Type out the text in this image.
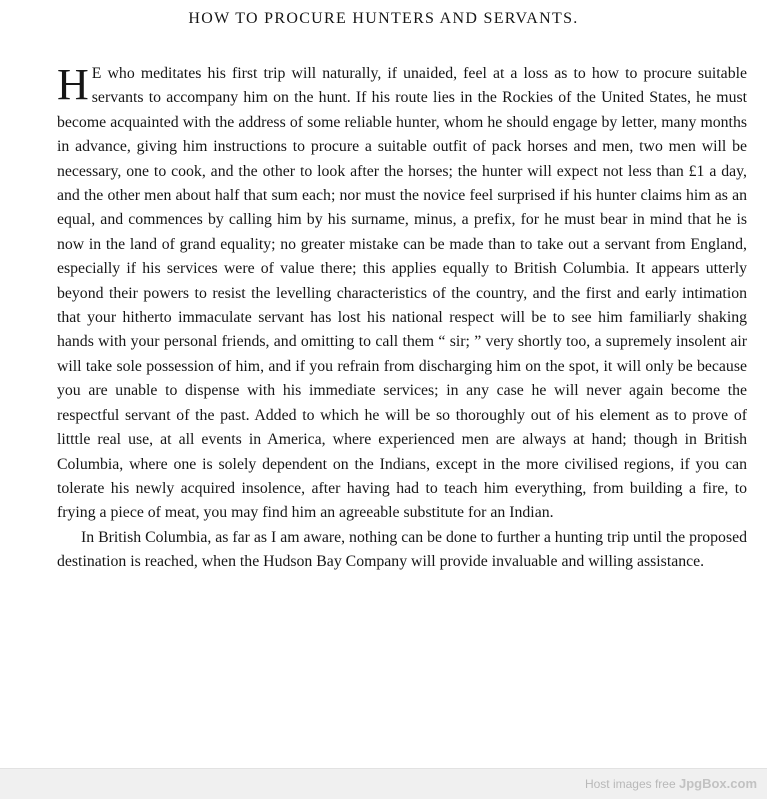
HOW TO PROCURE HUNTERS AND SERVANTS.

H E who meditates his first trip will naturally, if unaided, feel at a loss as to how to procure suitable servants to accompany him on the hunt. If his route lies in the Rockies of the United States, he must become acquainted with the address of some reliable hunter, whom he should engage by letter, many months in advance, giving him instructions to procure a suitable outfit of pack horses and men, two men will be necessary, one to cook, and the other to look after the horses; the hunter will expect not less than £1 a day, and the other men about half that sum each; nor must the novice feel surprised if his hunter claims him as an equal, and commences by calling him by his surname, minus, a prefix, for he must bear in mind that he is now in the land of grand equality; no greater mistake can be made than to take out a servant from England, especially if his services were of value there; this applies equally to British Columbia. It appears utterly beyond their powers to resist the levelling characteristics of the country, and the first and early intimation that your hitherto immaculate servant has lost his national respect will be to see him familiarly shaking hands with your personal friends, and omitting to call them “ sir; ” very shortly too, a supremely insolent air will take sole possession of him, and if you refrain from discharging him on the spot, it will only be because you are unable to dispense with his immediate services; in any case he will never again become the respectful servant of the past. Added to which he will be so thoroughly out of his element as to prove of litttle real use, at all events in America, where experienced men are always at hand; though in British Columbia, where one is solely dependent on the Indians, except in the more civilised regions, if you can tolerate his newly acquired insolence, after having had to teach him everything, from building a fire, to frying a piece of meat, you may find him an agreeable substitute for an Indian.

In British Columbia, as far as I am aware, nothing can be done to further a hunting trip until the proposed destination is reached, when the Hudson Bay Company will provide invaluable and willing assistance.

Host images free JpgBox.com
